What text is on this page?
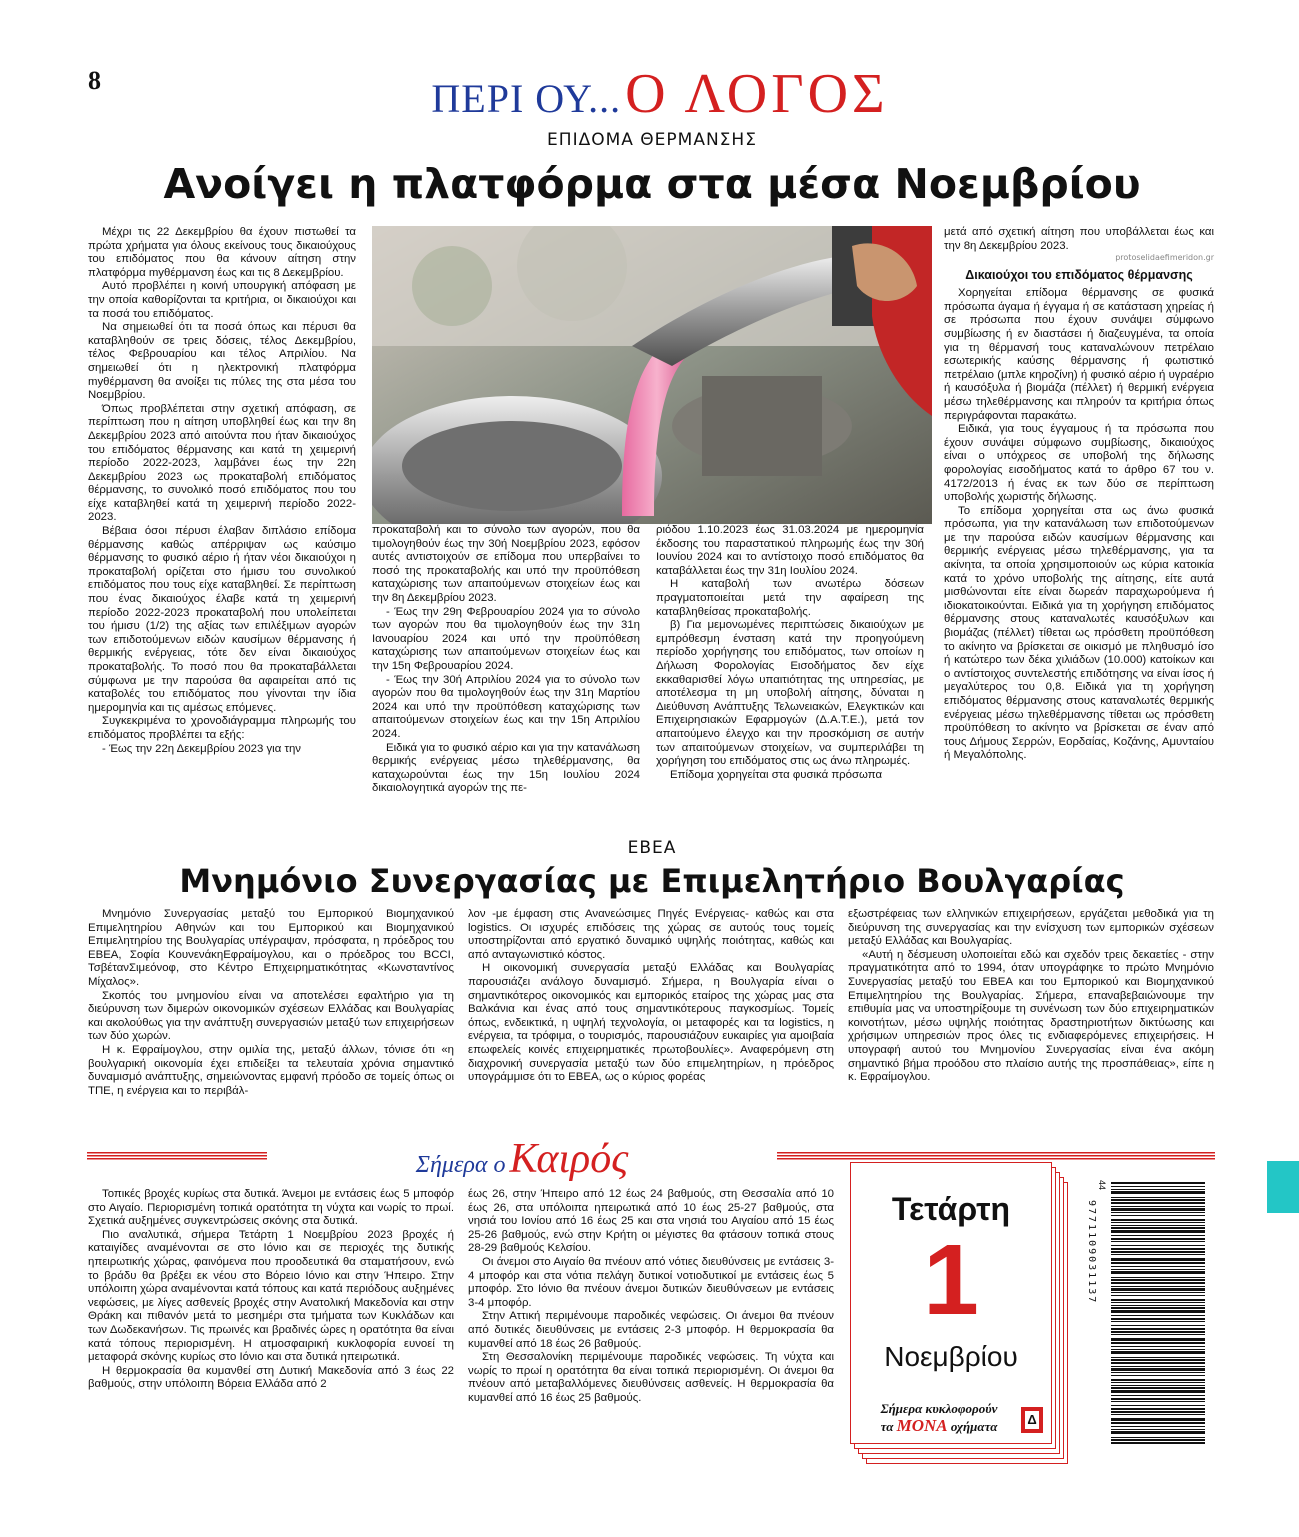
8	ΠΕΡΙ ΟΥ... Ο ΛΟΓΟΣ
ΕΠΙΔΟΜΑ ΘΕΡΜΑΝΣΗΣ
Ανοίγει η πλατφόρμα στα μέσα Νοεμβρίου

Μέχρι τις 22 Δεκεμβρίου θα έχουν πιστωθεί τα πρώτα χρήματα για όλους εκείνους τους δικαιούχους του επιδόματος που θα κάνουν αίτηση στην πλατφόρμα myθέρμανση έως και τις 8 Δεκεμβρίου.

Αυτό προβλέπει η κοινή υπουργική απόφαση με την οποία καθορίζονται τα κριτήρια, οι δικαιούχοι και τα ποσά του επιδόματος.

Να σημειωθεί ότι τα ποσά όπως και πέρυσι θα καταβληθούν σε τρεις δόσεις, τέλος Δεκεμβρίου, τέλος Φεβρουαρίου και τέλος Απριλίου. Να σημειωθεί ότι η ηλεκτρονική πλατφόρμα myθέρμανση θα ανοίξει τις πύλες της στα μέσα του Νοεμβρίου.

Όπως προβλέπεται στην σχετική απόφαση, σε περίπτωση που η αίτηση υποβληθεί έως και την 8η Δεκεμβρίου 2023 από αιτούντα που ήταν δικαιούχος του επιδόματος θέρμανσης και κατά τη χειμερινή περίοδο 2022-2023, λαμβάνει έως την 22η Δεκεμβρίου 2023 ως προκαταβολή επιδόματος θέρμανσης, το συνολικό ποσό επιδόματος που του είχε καταβληθεί κατά τη χειμερινή περίοδο 2022-2023.

Βέβαια όσοι πέρυσι έλαβαν διπλάσιο επίδομα θέρμανσης καθώς απέρριψαν ως καύσιμο θέρμανσης το φυσικό αέριο ή ήταν νέοι δικαιούχοι η προκαταβολή ορίζεται στο ήμισυ του συνολικού επιδόματος που τους είχε καταβληθεί. Σε περίπτωση που ένας δικαιούχος έλαβε κατά τη χειμερινή περίοδο 2022-2023 προκαταβολή που υπολείπεται του ήμισυ (1/2) της αξίας των επιλέξιμων αγορών των επιδοτούμενων ειδών καυσίμων θέρμανσης ή θερμικής ενέργειας, τότε δεν είναι δικαιούχος προκαταβολής. Το ποσό που θα προκαταβάλλεται σύμφωνα με την παρούσα θα αφαιρείται από τις καταβολές του επιδόματος που γίνονται την ίδια ημερομηνία και τις αμέσως επόμενες.

Συγκεκριμένα το χρονοδιάγραμμα πληρωμής του επιδόματος προβλέπει τα εξής:

- Έως την 22η Δεκεμβρίου 2023 για την

προκαταβολή και το σύνολο των αγορών, που θα τιμολογηθούν έως την 30ή Νοεμβρίου 2023, εφόσον αυτές αντιστοιχούν σε επίδομα που υπερβαίνει το ποσό της προκαταβολής και υπό την προϋπόθεση καταχώρισης των απαιτούμενων στοιχείων έως και την 8η Δεκεμβρίου 2023.

- Έως την 29η Φεβρουαρίου 2024 για το σύνολο των αγορών που θα τιμολογηθούν έως την 31η Ιανουαρίου 2024 και υπό την προϋπόθεση καταχώρισης των απαιτούμενων στοιχείων έως και την 15η Φεβρουαρίου 2024.

- Έως την 30ή Απριλίου 2024 για το σύνολο των αγορών που θα τιμολογηθούν έως την 31η Μαρτίου 2024 και υπό την προϋπόθεση καταχώρισης των απαιτούμενων στοιχείων έως και την 15η Απριλίου 2024.

Ειδικά για το φυσικό αέριο και για την κατανάλωση θερμικής ενέργειας μέσω τηλεθέρμανσης, θα καταχωρούνται έως την 15η Ιουλίου 2024 δικαιολογητικά αγορών της πε-

ριόδου 1.10.2023 έως 31.03.2024 με ημερομηνία έκδοσης του παραστατικού πληρωμής έως την 30ή Ιουνίου 2024 και το αντίστοιχο ποσό επιδόματος θα καταβάλλεται έως την 31η Ιουλίου 2024.

Η καταβολή των ανωτέρω δόσεων πραγματοποιείται μετά την αφαίρεση της καταβληθείσας προκαταβολής.

β) Για μεμονωμένες περιπτώσεις δικαιούχων με εμπρόθεσμη ένσταση κατά την προηγούμενη περίοδο χορήγησης του επιδόματος, των οποίων η Δήλωση Φορολογίας Εισοδήματος δεν είχε εκκαθαρισθεί λόγω υπαιτιότητας της υπηρεσίας, με αποτέλεσμα τη μη υποβολή αίτησης, δύναται η Διεύθυνση Ανάπτυξης Τελωνειακών, Ελεγκτικών και Επιχειρησιακών Εφαρμογών (Δ.Α.Τ.Ε.), μετά τον απαιτούμενο έλεγχο και την προσκόμιση σε αυτήν των απαιτούμενων στοιχείων, να συμπεριλάβει τη χορήγηση του επιδόματος στις ως άνω πληρωμές.

Επίδομα χορηγείται στα φυσικά πρόσωπα

μετά από σχετική αίτηση που υποβάλλεται έως και την 8η Δεκεμβρίου 2023.

protoselidaefimeridon.gr
Δικαιούχοι του επιδόματος θέρμανσης

Χορηγείται επίδομα θέρμανσης σε φυσικά πρόσωπα άγαμα ή έγγαμα ή σε κατάσταση χηρείας ή σε πρόσωπα που έχουν συνάψει σύμφωνο συμβίωσης ή εν διαστάσει ή διαζευγμένα, τα οποία για τη θέρμανσή τους καταναλώνουν πετρέλαιο εσωτερικής καύσης θέρμανσης ή φωτιστικό πετρέλαιο (μπλε κηροζίνη) ή φυσικό αέριο ή υγραέριο ή καυσόξυλα ή βιομάζα (πέλλετ) ή θερμική ενέργεια μέσω τηλεθέρμανσης και πληρούν τα κριτήρια όπως περιγράφονται παρακάτω.

Ειδικά, για τους έγγαμους ή τα πρόσωπα που έχουν συνάψει σύμφωνο συμβίωσης, δικαιούχος είναι ο υπόχρεος σε υποβολή της δήλωσης φορολογίας εισοδήματος κατά το άρθρο 67 του ν. 4172/2013 ή ένας εκ των δύο σε περίπτωση υποβολής χωριστής δήλωσης.

Το επίδομα χορηγείται στα ως άνω φυσικά πρόσωπα, για την κατανάλωση των επιδοτούμενων με την παρούσα ειδών καυσίμων θέρμανσης και θερμικής ενέργειας μέσω τηλεθέρμανσης, για τα ακίνητα, τα οποία χρησιμοποιούν ως κύρια κατοικία κατά το χρόνο υποβολής της αίτησης, είτε αυτά μισθώνονται είτε είναι δωρεάν παραχωρούμενα ή ιδιοκατοικούνται. Ειδικά για τη χορήγηση επιδόματος θέρμανσης στους καταναλωτές καυσόξυλων και βιομάζας (πέλλετ) τίθεται ως πρόσθετη προϋπόθεση το ακίνητο να βρίσκεται σε οικισμό με πληθυσμό ίσο ή κατώτερο των δέκα χιλιάδων (10.000) κατοίκων και ο αντίστοιχος συντελεστής επιδότησης να είναι ίσος ή μεγαλύτερος του 0,8. Ειδικά για τη χορήγηση επιδόματος θέρμανσης στους καταναλωτές θερμικής ενέργειας μέσω τηλεθέρμανσης τίθεται ως πρόσθετη προϋπόθεση το ακίνητο να βρίσκεται σε έναν από τους Δήμους Σερρών, Εορδαίας, Κοζάνης, Αμυνταίου ή Μεγαλόπολης.

ΕΒΕΑ
Μνημόνιο Συνεργασίας με Επιμελητήριο Βουλγαρίας

Μνημόνιο Συνεργασίας μεταξύ του Εμπορικού Βιομηχανικού Επιμελητηρίου Αθηνών και του Εμπορικού και Βιομηχανικού Επιμελητηρίου της Βουλγαρίας υπέγραψαν, πρόσφατα, η πρόεδρος του ΕΒΕΑ, Σοφία ΚουνενάκηΕφραίμογλου, και ο πρόεδρος του BCCI, ΤσβέτανΣιμεόνοφ, στο Κέντρο Επιχειρηματικότητας «Κωνσταντίνος Μίχαλος».

Σκοπός του μνημονίου είναι να αποτελέσει εφαλτήριο για τη διεύρυνση των διμερών οικονομικών σχέσεων Ελλάδας και Βουλγαρίας και ακολούθως για την ανάπτυξη συνεργασιών μεταξύ των επιχειρήσεων των δύο χωρών.

Η κ. Εφραίμογλου, στην ομιλία της, μεταξύ άλλων, τόνισε ότι «η βουλγαρική οικονομία έχει επιδείξει τα τελευταία χρόνια σημαντικό δυναμισμό ανάπτυξης, σημειώνοντας εμφανή πρόοδο σε τομείς όπως οι ΤΠΕ, η ενέργεια και το περιβάλ-

λον -με έμφαση στις Ανανεώσιμες Πηγές Ενέργειας- καθώς και στα logistics. Οι ισχυρές επιδόσεις της χώρας σε αυτούς τους τομείς υποστηρίζονται από εργατικό δυναμικό υψηλής ποιότητας, καθώς και από ανταγωνιστικό κόστος.

Η οικονομική συνεργασία μεταξύ Ελλάδας και Βουλγαρίας παρουσιάζει ανάλογο δυναμισμό. Σήμερα, η Βουλγαρία είναι ο σημαντικότερος οικονομικός και εμπορικός εταίρος της χώρας μας στα Βαλκάνια και ένας από τους σημαντικότερους παγκοσμίως. Τομείς όπως, ενδεικτικά, η υψηλή τεχνολογία, οι μεταφορές και τα logistics, η ενέργεια, τα τρόφιμα, ο τουρισμός, παρουσιάζουν ευκαιρίες για αμοιβαία επωφελείς κοινές επιχειρηματικές πρωτοβουλίες». Αναφερόμενη στη διαχρονική συνεργασία μεταξύ των δύο επιμελητηρίων, η πρόεδρος υπογράμμισε ότι το ΕΒΕΑ, ως ο κύριος φορέας

εξωστρέφειας των ελληνικών επιχειρήσεων, εργάζεται μεθοδικά για τη διεύρυνση της συνεργασίας και την ενίσχυση των εμπορικών σχέσεων μεταξύ Ελλάδας και Βουλγαρίας.

«Αυτή η δέσμευση υλοποιείται εδώ και σχεδόν τρεις δεκαετίες - στην πραγματικότητα από το 1994, όταν υπογράφηκε το πρώτο Μνημόνιο Συνεργασίας μεταξύ του ΕΒΕΑ και του Εμπορικού και Βιομηχανικού Επιμελητηρίου της Βουλγαρίας. Σήμερα, επαναβεβαιώνουμε την επιθυμία μας να υποστηρίξουμε τη συνένωση των δύο επιχειρηματικών κοινοτήτων, μέσω υψηλής ποιότητας δραστηριοτήτων δικτύωσης και χρήσιμων υπηρεσιών προς όλες τις ενδιαφερόμενες επιχειρήσεις. Η υπογραφή αυτού του Μνημονίου Συνεργασίας είναι ένα ακόμη σημαντικό βήμα προόδου στο πλαίσιο αυτής της προσπάθειας», είπε η κ. Εφραίμογλου.

Σήμερα ο Καιρός

Τοπικές βροχές κυρίως στα δυτικά. Άνεμοι με εντάσεις έως 5 μποφόρ στο Αιγαίο. Περιορισμένη τοπικά ορατότητα τη νύχτα και νωρίς το πρωί. Σχετικά αυξημένες συγκεντρώσεις σκόνης στα δυτικά.

Πιο αναλυτικά, σήμερα Τετάρτη 1 Νοεμβρίου 2023 βροχές ή καταιγίδες αναμένονται σε στο Ιόνιο και σε περιοχές της δυτικής ηπειρωτικής χώρας, φαινόμενα που προοδευτικά θα σταματήσουν, ενώ το βράδυ θα βρέξει εκ νέου στο Βόρειο Ιόνιο και στην Ήπειρο. Στην υπόλοιπη χώρα αναμένονται κατά τόπους και κατά περιόδους αυξημένες νεφώσεις, με λίγες ασθενείς βροχές στην Ανατολική Μακεδονία και στην Θράκη και πιθανόν μετά το μεσημέρι στα τμήματα των Κυκλάδων και των Δωδεκανήσων. Τις πρωινές και βραδινές ώρες η ορατότητα θα είναι κατά τόπους περιορισμένη. Η ατμοσφαιρική κυκλοφορία ευνοεί τη μεταφορά σκόνης κυρίως στο Ιόνιο και στα δυτικά ηπειρωτικά.

Η θερμοκρασία θα κυμανθεί στη Δυτική Μακεδονία από 3 έως 22 βαθμούς, στην υπόλοιπη Βόρεια Ελλάδα από 2

έως 26, στην Ήπειρο από 12 έως 24 βαθμούς, στη Θεσσαλία από 10 έως 26, στα υπόλοιπα ηπειρωτικά από 10 έως 25-27 βαθμούς, στα νησιά του Ιονίου από 16 έως 25 και στα νησιά του Αιγαίου από 15 έως 25-26 βαθμούς, ενώ στην Κρήτη οι μέγιστες θα φτάσουν τοπικά στους 28-29 βαθμούς Κελσίου.

Οι άνεμοι στο Αιγαίο θα πνέουν από νότιες διευθύνσεις με εντάσεις 3-4 μποφόρ και στα νότια πελάγη δυτικοί νοτιοδυτικοί με εντάσεις έως 5 μποφόρ. Στο Ιόνιο θα πνέουν άνεμοι δυτικών διευθύνσεων με εντάσεις 3-4 μποφόρ.

Στην Αττική περιμένουμε παροδικές νεφώσεις. Οι άνεμοι θα πνέουν από δυτικές διευθύνσεις με εντάσεις 2-3 μποφόρ. Η θερμοκρασία θα κυμανθεί από 18 έως 26 βαθμούς.

Στη Θεσσαλονίκη περιμένουμε παροδικές νεφώσεις. Τη νύχτα και νωρίς το πρωί η ορατότητα θα είναι τοπικά περιορισμένη. Οι άνεμοι θα πνέουν από μεταβαλλόμενες διευθύνσεις ασθενείς. Η θερμοκρασία θα κυμανθεί από 16 έως 25 βαθμούς.

Τετάρτη
1
Νοεμβρίου
Σήμερα κυκλοφορούν
τα ΜΟΝΑ οχήματα	Δ
44
9771109031137
